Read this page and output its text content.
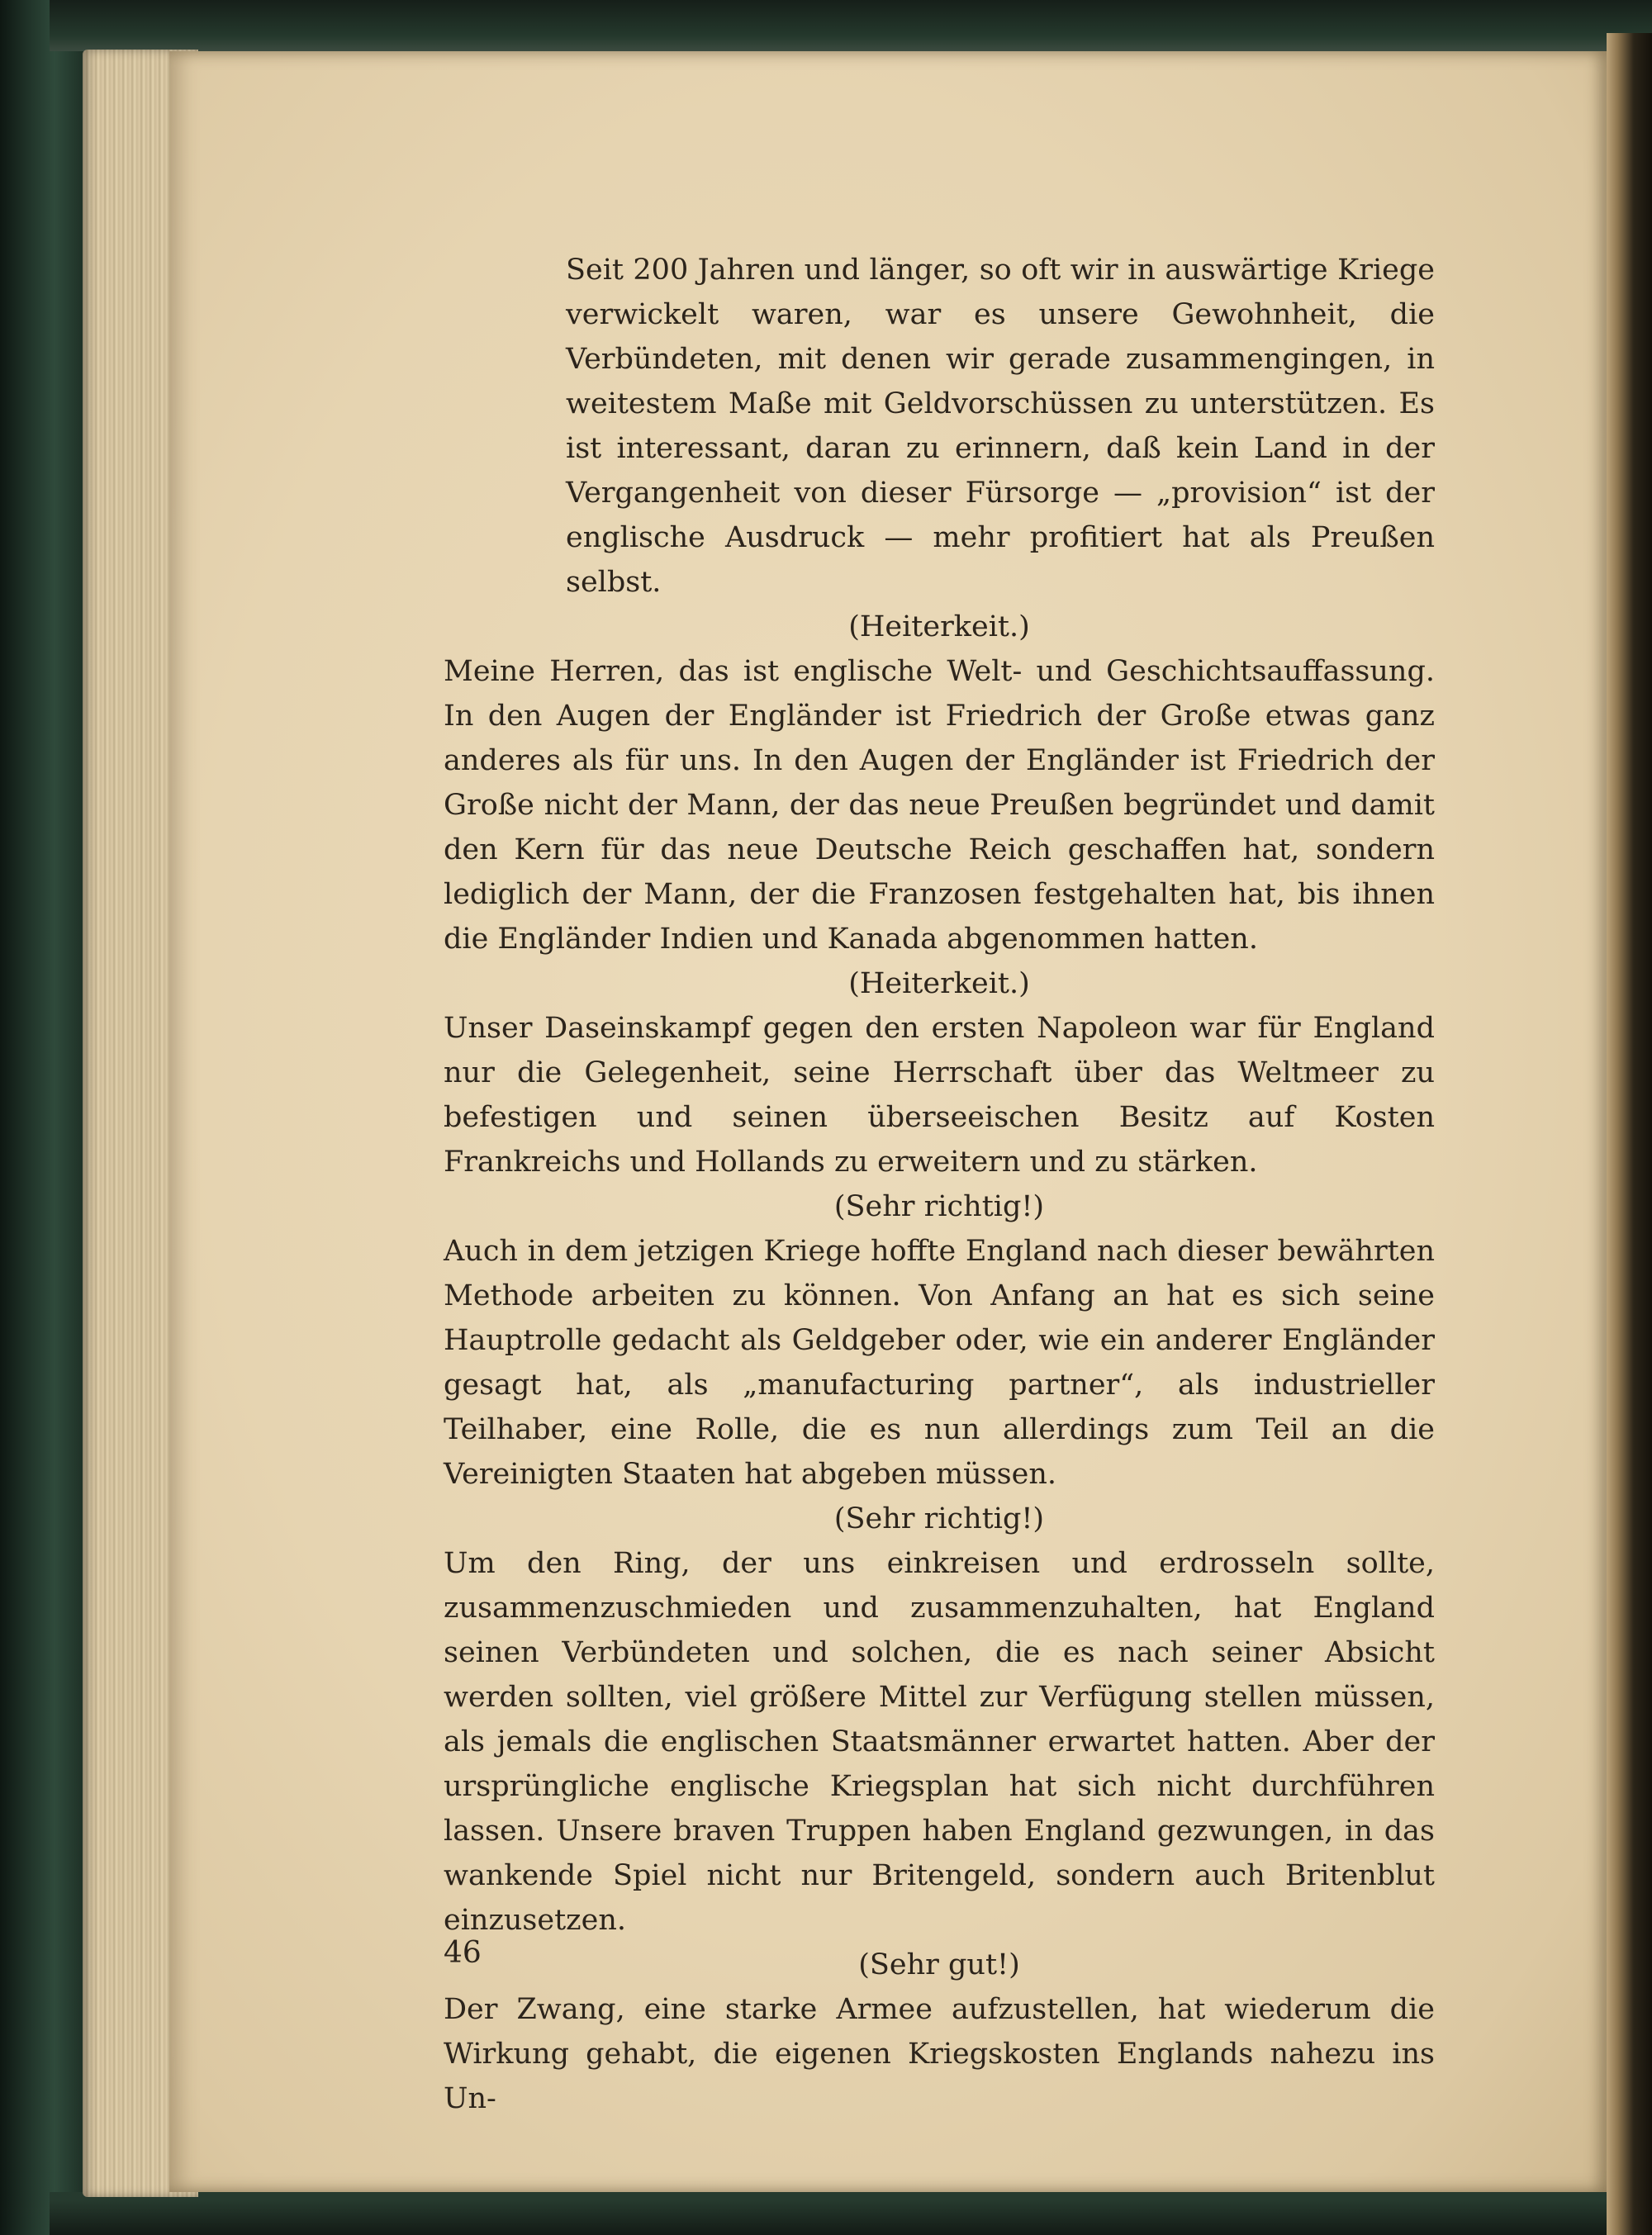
Seit 200 Jahren und länger, so oft wir in auswärtige Kriege verwickelt waren, war es unsere Gewohnheit, die Verbündeten, mit denen wir gerade zusammengingen, in weitestem Maße mit Geldvorschüssen zu unterstützen. Es ist interessant, daran zu erinnern, daß kein Land in der Vergangenheit von dieser Fürsorge — „provision“ ist der englische Ausdruck — mehr profitiert hat als Preußen selbst.

(Heiterkeit.)

Meine Herren, das ist englische Welt- und Geschichtsauffassung. In den Augen der Engländer ist Friedrich der Große etwas ganz anderes als für uns. In den Augen der Engländer ist Friedrich der Große nicht der Mann, der das neue Preußen begründet und damit den Kern für das neue Deutsche Reich geschaffen hat, sondern lediglich der Mann, der die Franzosen festgehalten hat, bis ihnen die Engländer Indien und Kanada abgenommen hatten.

(Heiterkeit.)

Unser Daseinskampf gegen den ersten Napoleon war für England nur die Gelegenheit, seine Herrschaft über das Weltmeer zu befestigen und seinen überseeischen Besitz auf Kosten Frankreichs und Hollands zu erweitern und zu stärken.

(Sehr richtig!)

Auch in dem jetzigen Kriege hoffte England nach dieser bewährten Methode arbeiten zu können. Von Anfang an hat es sich seine Hauptrolle gedacht als Geldgeber oder, wie ein anderer Engländer gesagt hat, als „manufacturing partner“, als industrieller Teilhaber, eine Rolle, die es nun allerdings zum Teil an die Vereinigten Staaten hat abgeben müssen.

(Sehr richtig!)

Um den Ring, der uns einkreisen und erdrosseln sollte, zusammenzuschmieden und zusammenzuhalten, hat England seinen Verbündeten und solchen, die es nach seiner Absicht werden sollten, viel größere Mittel zur Verfügung stellen müssen, als jemals die englischen Staatsmänner erwartet hatten. Aber der ursprüngliche englische Kriegsplan hat sich nicht durchführen lassen. Unsere braven Truppen haben England gezwungen, in das wankende Spiel nicht nur Britengeld, sondern auch Britenblut einzusetzen.

(Sehr gut!)

Der Zwang, eine starke Armee aufzustellen, hat wiederum die Wirkung gehabt, die eigenen Kriegskosten Englands nahezu ins Un-

46
